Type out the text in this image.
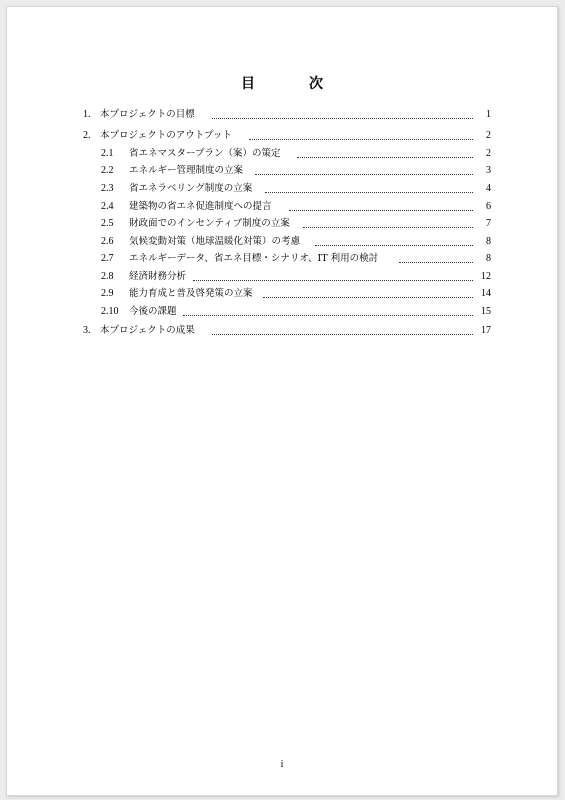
目　次
1. 本プロジェクトの目標	1
2. 本プロジェクトのアウトプット	2
2.1 省エネマスタープラン（案）の策定	2
2.2 エネルギー管理制度の立案	3
2.3 省エネラベリング制度の立案	4
2.4 建築物の省エネ促進制度への提言	6
2.5 財政面でのインセンティブ制度の立案	7
2.6 気候変動対策（地球温暖化対策）の考慮	8
2.7 エネルギーデータ、省エネ目標・シナリオ、IT 利用の検討	8
2.8 経済財務分析	12
2.9 能力育成と普及啓発策の立案	14
2.10 今後の課題	15
3. 本プロジェクトの成果	17
i
